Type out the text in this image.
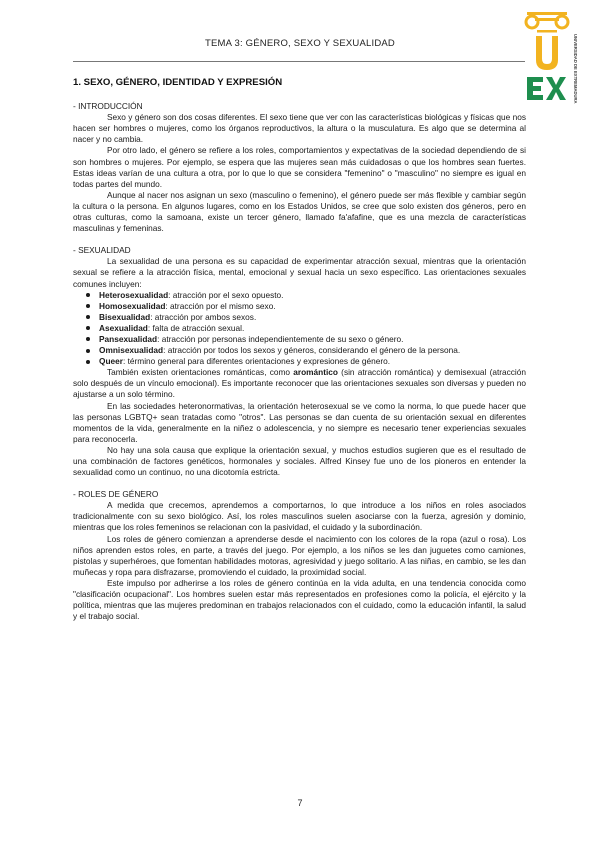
TEMA 3: GÉNERO, SEXO Y SEXUALIDAD	UNIVERSIDAD DE EXTREMADURA
1. SEXO, GÉNERO, IDENTIDAD Y EXPRESIÓN
- INTRODUCCIÓN

Sexo y género son dos cosas diferentes. El sexo tiene que ver con las características biológicas y físicas que nos hacen ser hombres o mujeres, como los órganos reproductivos, la altura o la musculatura. Es algo que se determina al nacer y no cambia.

Por otro lado, el género se refiere a los roles, comportamientos y expectativas de la sociedad dependiendo de si son hombres o mujeres. Por ejemplo, se espera que las mujeres sean más cuidadosas o que los hombres sean fuertes. Estas ideas varían de una cultura a otra, por lo que lo que se considera "femenino" o "masculino" no siempre es igual en todas partes del mundo.

Aunque al nacer nos asignan un sexo (masculino o femenino), el género puede ser más flexible y cambiar según la cultura o la persona. En algunos lugares, como en los Estados Unidos, se cree que solo existen dos géneros, pero en otras culturas, como la samoana, existe un tercer género, llamado fa'afafine, que es una mezcla de características masculinas y femeninas.

- SEXUALIDAD

La sexualidad de una persona es su capacidad de experimentar atracción sexual, mientras que la orientación sexual se refiere a la atracción física, mental, emocional y sexual hacia un sexo específico. Las orientaciones sexuales comunes incluyen:

Heterosexualidad: atracción por el sexo opuesto.
Homosexualidad: atracción por el mismo sexo.
Bisexualidad: atracción por ambos sexos.
Asexualidad: falta de atracción sexual.
Pansexualidad: atracción por personas independientemente de su sexo o género.
Omnisexualidad: atracción por todos los sexos y géneros, considerando el género de la persona.
Queer: término general para diferentes orientaciones y expresiones de género.

También existen orientaciones románticas, como aromántico (sin atracción romántica) y demisexual (atracción solo después de un vínculo emocional). Es importante reconocer que las orientaciones sexuales son diversas y pueden no ajustarse a un solo término.

En las sociedades heteronormativas, la orientación heterosexual se ve como la norma, lo que puede hacer que las personas LGBTQ+ sean tratadas como "otros". Las personas se dan cuenta de su orientación sexual en diferentes momentos de la vida, generalmente en la niñez o adolescencia, y no siempre es necesario tener experiencias sexuales para reconocerla.

No hay una sola causa que explique la orientación sexual, y muchos estudios sugieren que es el resultado de una combinación de factores genéticos, hormonales y sociales. Alfred Kinsey fue uno de los pioneros en entender la sexualidad como un continuo, no una dicotomía estricta.

- ROLES DE GÉNERO

A medida que crecemos, aprendemos a comportarnos, lo que introduce a los niños en roles asociados tradicionalmente con su sexo biológico. Así, los roles masculinos suelen asociarse con la fuerza, agresión y dominio, mientras que los roles femeninos se relacionan con la pasividad, el cuidado y la subordinación.

Los roles de género comienzan a aprenderse desde el nacimiento con los colores de la ropa (azul o rosa). Los niños aprenden estos roles, en parte, a través del juego. Por ejemplo, a los niños se les dan juguetes como camiones, pistolas y superhéroes, que fomentan habilidades motoras, agresividad y juego solitario. A las niñas, en cambio, se les dan muñecas y ropa para disfrazarse, promoviendo el cuidado, la proximidad social.

Este impulso por adherirse a los roles de género continúa en la vida adulta, en una tendencia conocida como "clasificación ocupacional". Los hombres suelen estar más representados en profesiones como la policía, el ejército y la política, mientras que las mujeres predominan en trabajos relacionados con el cuidado, como la educación infantil, la salud y el trabajo social.

7
